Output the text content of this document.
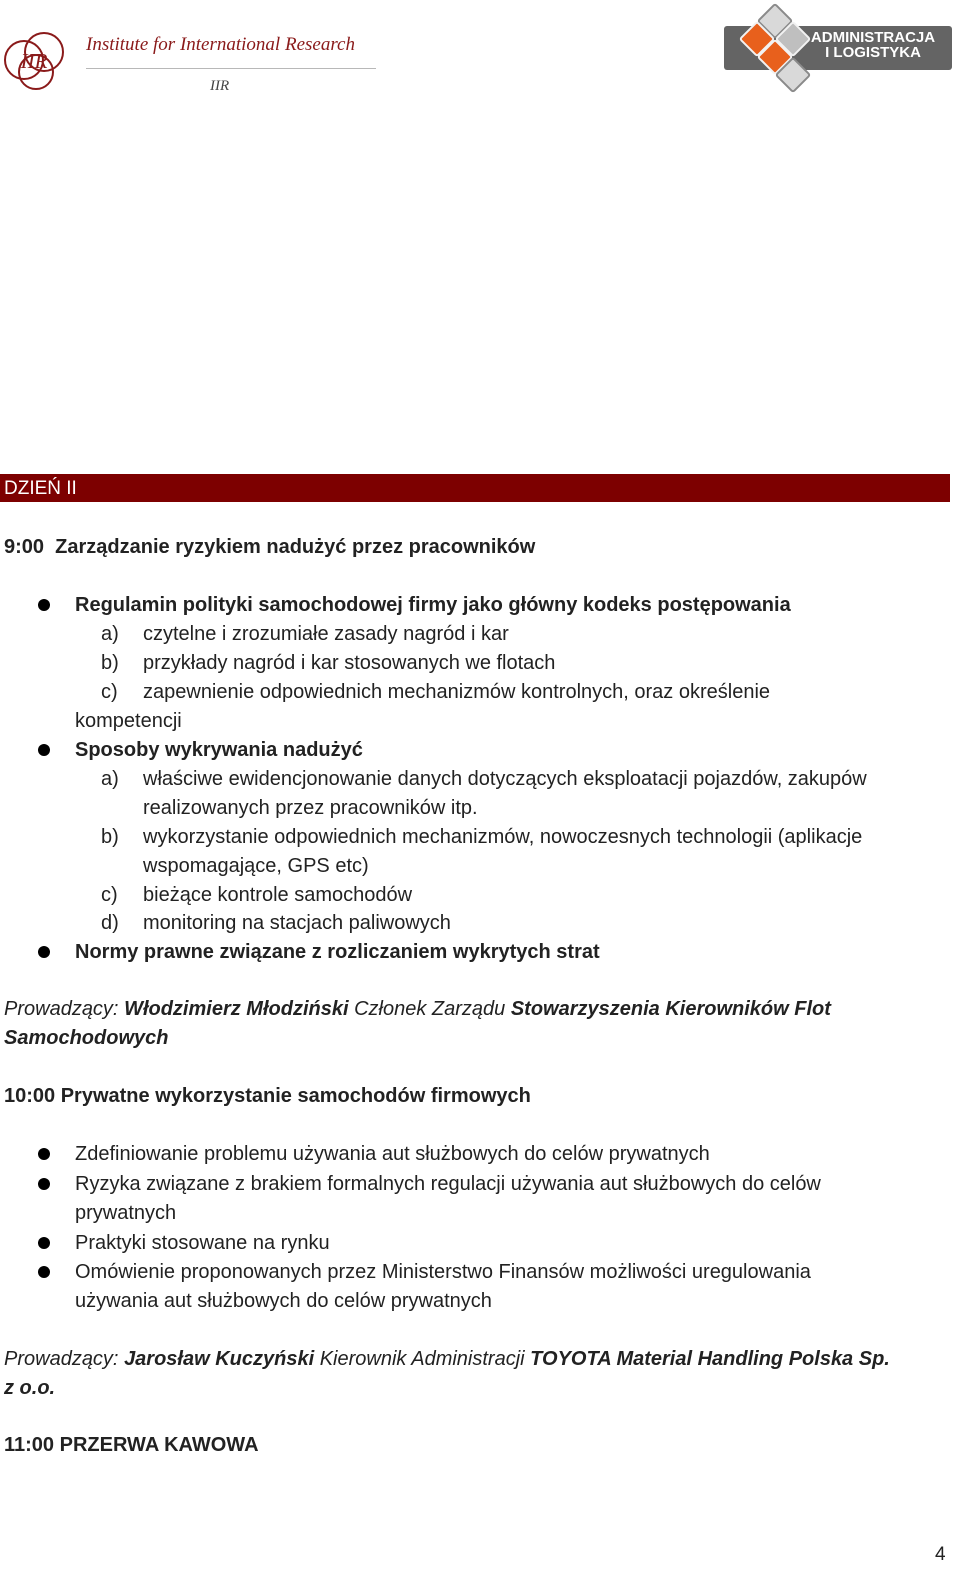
IIR
Institute for International Research
IIR
ADMINISTRACJA
I LOGISTYKA
DZIEŃ II
9:00 Zarządzanie ryzykiem nadużyć przez pracowników
Regulamin polityki samochodowej firmy jako główny kodeks postępowania
a) czytelne i zrozumiałe zasady nagród i kar
b) przykłady nagród i kar stosowanych we flotach
c) zapewnienie odpowiednich mechanizmów kontrolnych, oraz określenie
kompetencji
Sposoby wykrywania nadużyć
a) właściwe ewidencjonowanie danych dotyczących eksploatacji pojazdów, zakupów
realizowanych przez pracowników itp.
b) wykorzystanie odpowiednich mechanizmów, nowoczesnych technologii (aplikacje
wspomagające, GPS etc)
c) bieżące kontrole samochodów
d) monitoring na stacjach paliwowych
Normy prawne związane z rozliczaniem wykrytych strat
Prowadzący: Włodzimierz Młodziński Członek Zarządu Stowarzyszenia Kierowników Flot
Samochodowych
10:00 Prywatne wykorzystanie samochodów firmowych
Zdefiniowanie problemu używania aut służbowych do celów prywatnych
Ryzyka związane z brakiem formalnych regulacji używania aut służbowych do celów
prywatnych
Praktyki stosowane na rynku
Omówienie proponowanych przez Ministerstwo Finansów możliwości uregulowania
używania aut służbowych do celów prywatnych
Prowadzący: Jarosław Kuczyński Kierownik Administracji TOYOTA Material Handling Polska Sp.
z o.o.
11:00 PRZERWA KAWOWA
4
